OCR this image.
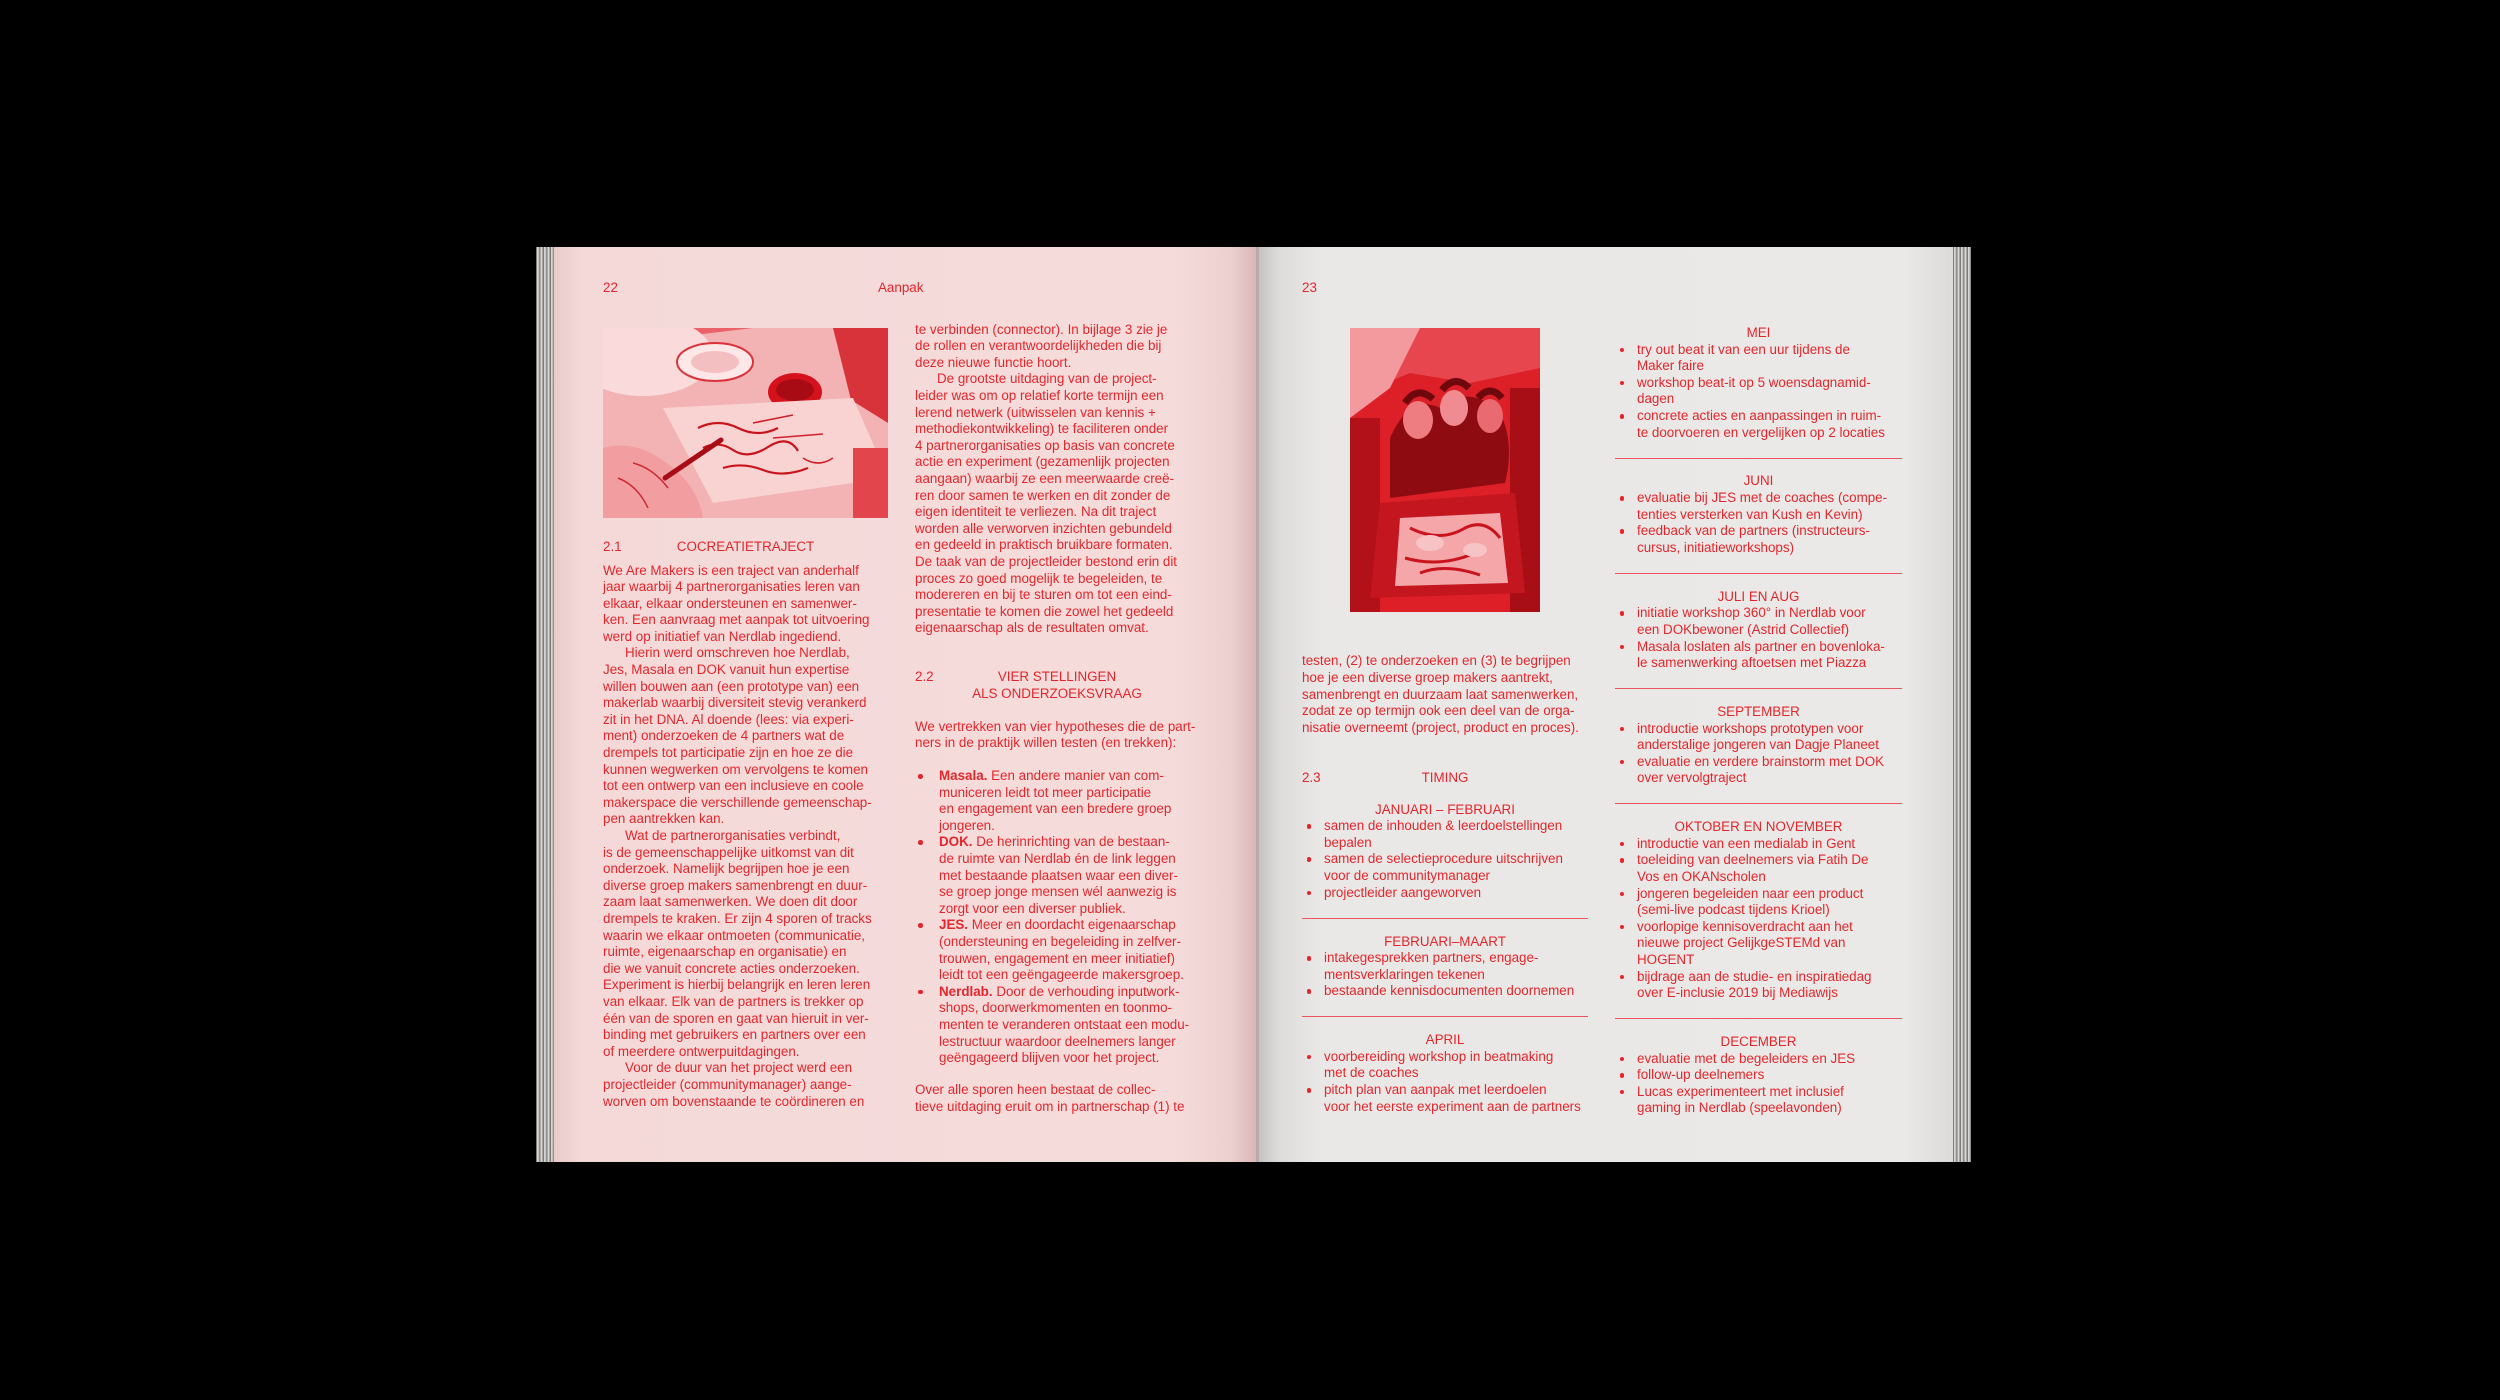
22	Aanpak
2.1	COCREATIETRAJECT
We Are Makers is een traject van anderhalf
jaar waarbij 4 partnerorganisaties leren van
elkaar, elkaar ondersteunen en samenwer-
ken. Een aanvraag met aanpak tot uitvoering
werd op initiatief van Nerdlab ingediend.
Hierin werd omschreven hoe Nerdlab,
Jes, Masala en DOK vanuit hun expertise
willen bouwen aan (een prototype van) een
makerlab waarbij diversiteit stevig verankerd
zit in het DNA. Al doende (lees: via experi-
ment) onderzoeken de 4 partners wat de
drempels tot participatie zijn en hoe ze die
kunnen wegwerken om vervolgens te komen
tot een ontwerp van een inclusieve en coole
makerspace die verschillende gemeenschap-
pen aantrekken kan.
Wat de partnerorganisaties verbindt,
is de gemeenschappelijke uitkomst van dit
onderzoek. Namelijk begrijpen hoe je een
diverse groep makers samenbrengt en duur-
zaam laat samenwerken. We doen dit door
drempels te kraken. Er zijn 4 sporen of tracks
waarin we elkaar ontmoeten (communicatie,
ruimte, eigenaarschap en organisatie) en
die we vanuit concrete acties onderzoeken.
Experiment is hierbij belangrijk en leren leren
van elkaar. Elk van de partners is trekker op
één van de sporen en gaat van hieruit in ver-
binding met gebruikers en partners over een
of meerdere ontwerpuitdagingen.
Voor de duur van het project werd een
projectleider (communitymanager) aange-
worven om bovenstaande te coördineren en
te verbinden (connector). In bijlage 3 zie je
de rollen en verantwoordelijkheden die bij
deze nieuwe functie hoort.
De grootste uitdaging van de project-
leider was om op relatief korte termijn een
lerend netwerk (uitwisselen van kennis +
methodiekontwikkeling) te faciliteren onder
4 partnerorganisaties op basis van concrete
actie en experiment (gezamenlijk projecten
aangaan) waarbij ze een meerwaarde creë-
ren door samen te werken en dit zonder de
eigen identiteit te verliezen. Na dit traject
worden alle verworven inzichten gebundeld
en gedeeld in praktisch bruikbare formaten.
De taak van de projectleider bestond erin dit
proces zo goed mogelijk te begeleiden, te
modereren en bij te sturen om tot een eind-
presentatie te komen die zowel het gedeeld
eigenaarschap als de resultaten omvat.
2.2	VIER STELLINGEN
ALS ONDERZOEKSVRAAG
We vertrekken van vier hypotheses die de part-
ners in de praktijk willen testen (en trekken):
Masala. Een andere manier van com-
municeren leidt tot meer participatie
en engagement van een bredere groep
jongeren.
DOK. De herinrichting van de bestaan-
de ruimte van Nerdlab én de link leggen
met bestaande plaatsen waar een diver-
se groep jonge mensen wél aanwezig is
zorgt voor een diverser publiek.
JES. Meer en doordacht eigenaarschap
(ondersteuning en begeleiding in zelfver-
trouwen, engagement en meer initiatief)
leidt tot een geëngageerde makersgroep.
Nerdlab. Door de verhouding inputwork-
shops, doorwerkmomenten en toonmo-
menten te veranderen ontstaat een modu-
lestructuur waardoor deelnemers langer
geëngageerd blijven voor het project.
Over alle sporen heen bestaat de collec-
tieve uitdaging eruit om in partnerschap (1) te
23
testen, (2) te onderzoeken en (3) te begrijpen
hoe je een diverse groep makers aantrekt,
samenbrengt en duurzaam laat samenwerken,
zodat ze op termijn ook een deel van de orga-
nisatie overneemt (project, product en proces).
2.3	TIMING
JANUARI – FEBRUARI
samen de inhouden & leerdoelstellingen
bepalen
samen de selectieprocedure uitschrijven
voor de communitymanager
projectleider aangeworven
FEBRUARI–MAART
intakegesprekken partners, engage-
mentsverklaringen tekenen
bestaande kennisdocumenten doornemen
APRIL
voorbereiding workshop in beatmaking
met de coaches
pitch plan van aanpak met leerdoelen
voor het eerste experiment aan de partners
MEI
try out beat it van een uur tijdens de
Maker faire
workshop beat-it op 5 woensdagnamid-
dagen
concrete acties en aanpassingen in ruim-
te doorvoeren en vergelijken op 2 locaties
JUNI
evaluatie bij JES met de coaches (compe-
tenties versterken van Kush en Kevin)
feedback van de partners (instructeurs-
cursus, initiatieworkshops)
JULI EN AUG
initiatie workshop 360° in Nerdlab voor
een DOKbewoner (Astrid Collectief)
Masala loslaten als partner en bovenloka-
le samenwerking aftoetsen met Piazza
SEPTEMBER
introductie workshops prototypen voor
anderstalige jongeren van Dagje Planeet
evaluatie en verdere brainstorm met DOK
over vervolgtraject
OKTOBER EN NOVEMBER
introductie van een medialab in Gent
toeleiding van deelnemers via Fatih De
Vos en OKANscholen
jongeren begeleiden naar een product
(semi-live podcast tijdens Krioel)
voorlopige kennisoverdracht aan het
nieuwe project GelijkgeSTEMd van
HOGENT
bijdrage aan de studie- en inspiratiedag
over E-inclusie 2019 bij Mediawijs
DECEMBER
evaluatie met de begeleiders en JES
follow-up deelnemers
Lucas experimenteert met inclusief
gaming in Nerdlab (speelavonden)
